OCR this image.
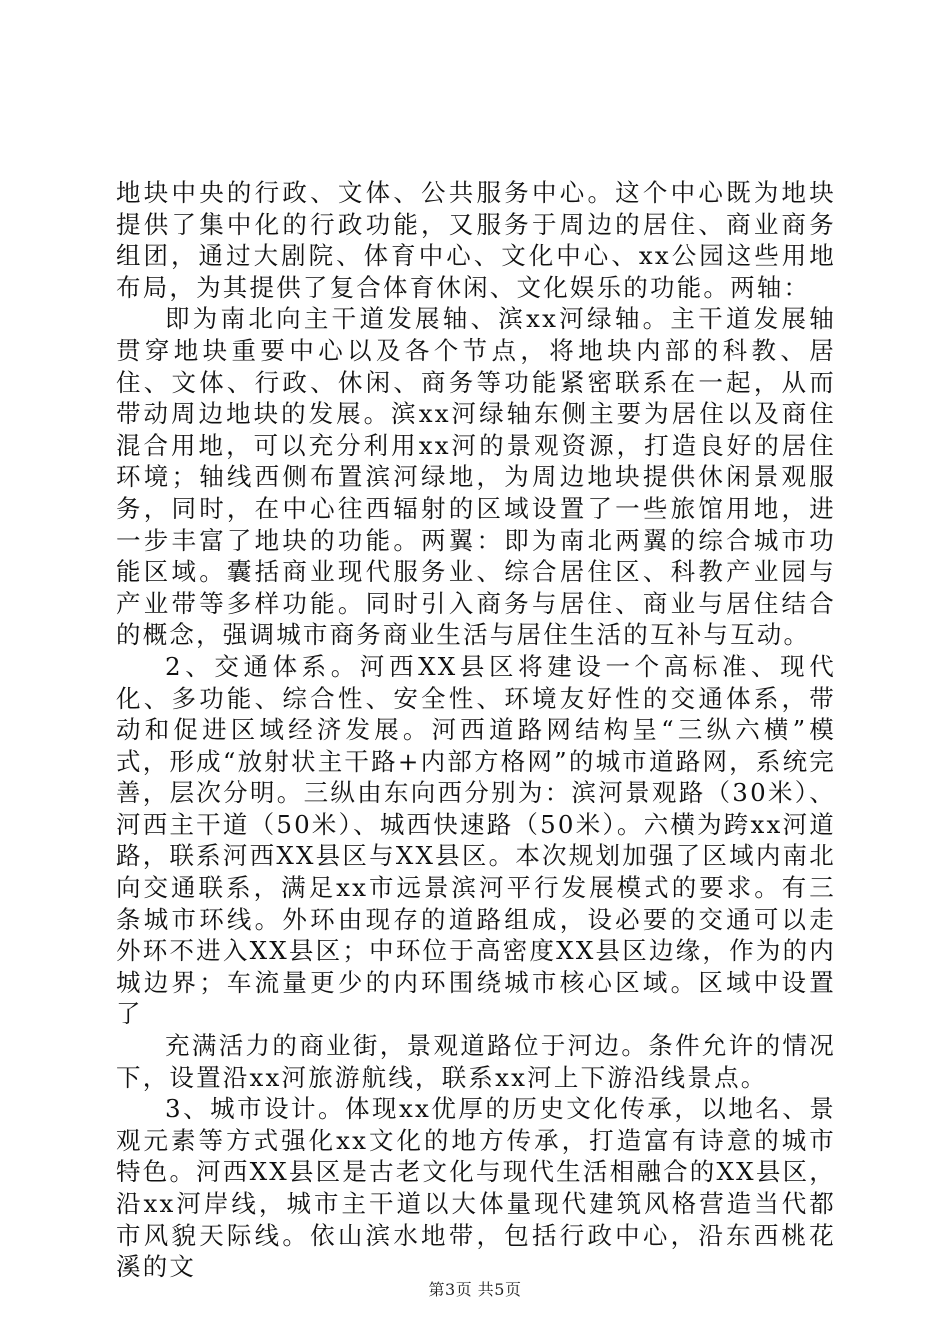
地块中央的行政、文体、公共服务中心。这个中心既为地块提供了集中化的行政功能，又服务于周边的居住、商业商务组团，通过大剧院、体育中心、文化中心、xx公园这些用地布局，为其提供了复合体育休闲、文化娱乐的功能。两轴：

即为南北向主干道发展轴、滨xx河绿轴。主干道发展轴贯穿地块重要中心以及各个节点，将地块内部的科教、居住、文体、行政、休闲、商务等功能紧密联系在一起，从而带动周边地块的发展。滨xx河绿轴东侧主要为居住以及商住混合用地，可以充分利用xx河的景观资源，打造良好的居住环境；轴线西侧布置滨河绿地，为周边地块提供休闲景观服务，同时，在中心往西辐射的区域设置了一些旅馆用地，进一步丰富了地块的功能。两翼：即为南北两翼的综合城市功能区域。囊括商业现代服务业、综合居住区、科教产业园与产业带等多样功能。同时引入商务与居住、商业与居住结合的概念，强调城市商务商业生活与居住生活的互补与互动。

2、交通体系。河西XX县区将建设一个高标准、现代化、多功能、综合性、安全性、环境友好性的交通体系，带动和促进区域经济发展。河西道路网结构呈“三纵六横”模式，形成“放射状主干路+内部方格网”的城市道路网，系统完善，层次分明。三纵由东向西分别为：滨河景观路（30米）、河西主干道（50米）、城西快速路（50米）。六横为跨xx河道路，联系河西XX县区与XX县区。本次规划加强了区域内南北向交通联系，满足xx市远景滨河平行发展模式的要求。有三条城市环线。外环由现存的道路组成，设必要的交通可以走外环不进入XX县区；中环位于高密度XX县区边缘，作为的内城边界；车流量更少的内环围绕城市核心区域。区域中设置了

充满活力的商业街，景观道路位于河边。条件允许的情况下，设置沿xx河旅游航线，联系xx河上下游沿线景点。

3、城市设计。体现xx优厚的历史文化传承，以地名、景观元素等方式强化xx文化的地方传承，打造富有诗意的城市特色。河西XX县区是古老文化与现代生活相融合的XX县区，沿xx河岸线，城市主干道以大体量现代建筑风格营造当代都市风貌天际线。依山滨水地带，包括行政中心，沿东西桃花溪的文

第3页 共5页
